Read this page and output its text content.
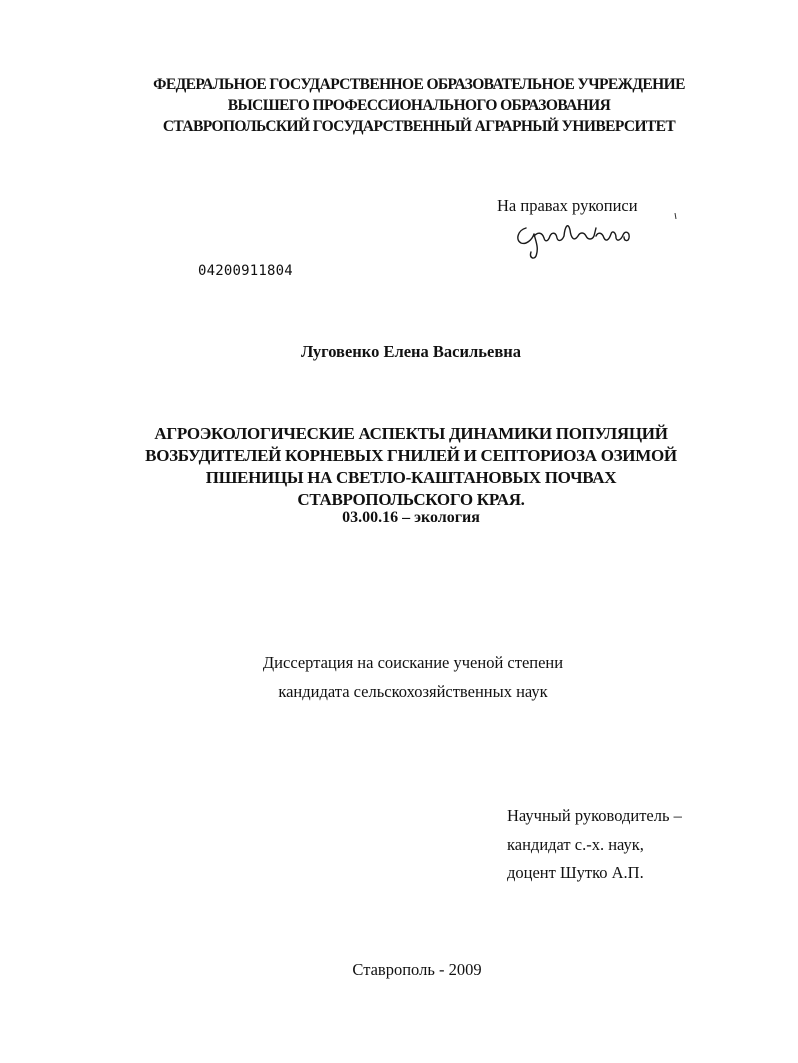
ФЕДЕРАЛЬНОЕ ГОСУДАРСТВЕННОЕ ОБРАЗОВАТЕЛЬНОЕ УЧРЕЖДЕНИЕ
ВЫСШЕГО ПРОФЕССИОНАЛЬНОГО ОБРАЗОВАНИЯ
СТАВРОПОЛЬСКИЙ ГОСУДАРСТВЕННЫЙ АГРАРНЫЙ УНИВЕРСИТЕТ
На правах рукописи
04200911804
Луговенко Елена Васильевна
АГРОЭКОЛОГИЧЕСКИЕ АСПЕКТЫ ДИНАМИКИ ПОПУЛЯЦИЙ
ВОЗБУДИТЕЛЕЙ КОРНЕВЫХ ГНИЛЕЙ И СЕПТОРИОЗА ОЗИМОЙ
ПШЕНИЦЫ НА СВЕТЛО-КАШТАНОВЫХ ПОЧВАХ
СТАВРОПОЛЬСКОГО КРАЯ.
03.00.16 – экология
Диссертация на соискание ученой степени
кандидата сельскохозяйственных наук
Научный руководитель –
кандидат с.-х. наук,
доцент Шутко А.П.
Ставрополь - 2009
